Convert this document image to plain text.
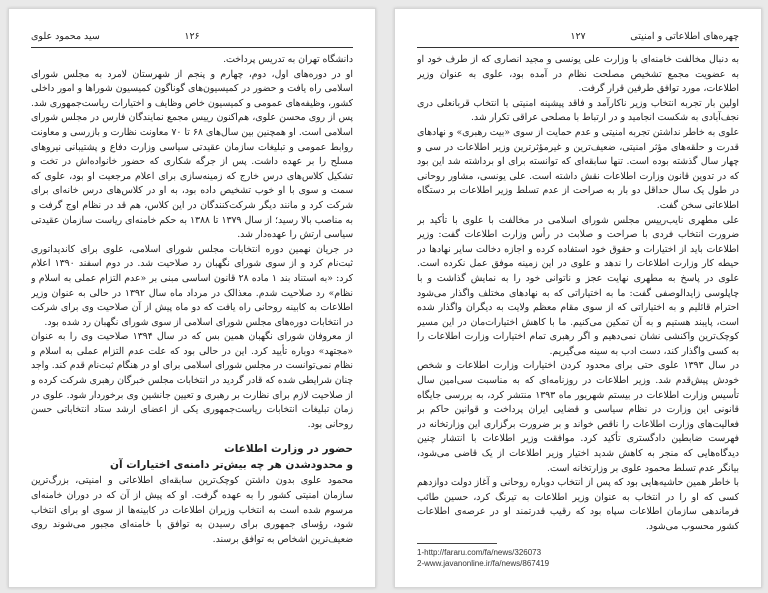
۱۲۶
سید محمود علوی

دانشگاه تهران به تدریس پرداخت.

او در دوره‌های اول، دوم، چهارم و پنجم از شهرستان لامرد به مجلس شورای اسلامی راه یافت و حضور در کمیسیون‌های گوناگون کمیسیون شوراها و امور داخلی کشور، وظیفه‌های عمومی و کمیسیون خاص وظایف و اختیارات ریاست‌جمهوری شد. پس از روی محسن علوی، هم‌اکنون رییس مجمع نمایندگان فارس در مجلس شورای اسلامی است. او همچنین بین سال‌های ۶۸ تا ۷۰ معاونت نظارت و بازرسی و معاونت روابط عمومی و تبلیغات سازمان عقیدتی سیاسی وزارت دفاع و پشتیبانی نیروهای مسلح را بر عهده داشت. پس از جرگه شکاری که حضور خانواده‌اش در تخت و تشکیل کلاس‌های درس خارج که زمینه‌سازی برای اعلام مرجعیت او بود، علوی که سمت و سوی با او خوب تشخیص داده بود، به او در کلاس‌های درس خانه‌ای برای شرکت کرد و مانند دیگر شرکت‌کنندگان در این کلاس، هم قد در نظام اوج گرفت و به مناصب بالا رسید؛ از سال ۱۳۷۹ تا ۱۳۸۸ به حکم خامنه‌ای ریاست سازمان عقیدتی سیاسی ارتش را عهده‌دار شد.

در جریان نهمین دوره انتخابات مجلس شورای اسلامی، علوی برای کاندیداتوری ثبت‌نام کرد و از سوی شورای نگهبان رد صلاحیت شد. در دوم اسفند ۱۳۹۰ اعلام کرد: «به استناد بند ۱ ماده ۲۸ قانون اساسی مبنی بر «عدم التزام عملی به اسلام و نظام» رد صلاحیت شدم. معذالک در مرداد ماه سال ۱۳۹۲ در حالی به عنوان وزیر اطلاعات به کابینه روحانی راه یافت که دو ماه پیش از آن صلاحیت وی برای شرکت در انتخابات دوره‌های مجلس شورای اسلامی از سوی شورای نگهبان رد شده بود.

از معروفان شورای نگهبان همین بس که در سال ۱۳۹۴ صلاحیت وی را به عنوان «مجتهد» دوباره تأیید کرد. این در حالی بود که علت عدم التزام عملی به اسلام و نظام نمی‌توانست در مجلس شورای اسلامی برای او در هنگام ثبت‌نام قدم کند. واجد چنان شرایطی شده که قادر گردید در انتخابات مجلس خبرگان رهبری شرکت کرده و از صلاحیت لازم برای نظارت بر رهبری و تعیین جانشین وی برخوردار شود. علوی در زمان تبلیغات انتخابات ریاست‌جمهوری یکی از اعضای ارشد ستاد انتخاباتی حسن روحانی بود.

حضور در وزارت اطلاعات
و محدودشدن هر چه بیش‌تر دامنه‌ی اختیارات آن

محمود علوی بدون داشتن کوچک‌ترین سابقه‌ای اطلاعاتی و امنیتی، بزرگ‌ترین سازمان امنیتی کشور را به عهده گرفت. او که پیش از آن که در دوران خامنه‌ای مرسوم شده است به انتخاب وزیران اطلاعات در کابینه‌ها از سوی او برای انتخاب شود، رؤسای جمهوری برای رسیدن به توافق با خامنه‌ای مجبور می‌شوند روی ضعیف‌ترین اشخاص به توافق برسند.

۱۲۷	چهره‌های اطلاعاتی و امنیتی

به دنبال مخالفت خامنه‌ای با وزارت علی یونسی و مجید انصاری که از طرف خود او به عضویت مجمع تشخیص مصلحت نظام در آمده بود، علوی به عنوان وزیر اطلاعات، مورد توافق طرفین قرار گرفت.

اولین بار تجربه انتخاب وزیر ناکارآمد و فاقد پیشینه امنیتی با انتخاب قربانعلی دری نجف‌آبادی به شکست انجامید و در ارتباط با مصلحی عراقی تکرار شد.

علوی به خاطر نداشتن تجربه امنیتی و عدم حمایت از سوی «بیت رهبری» و نهادهای قدرت و حلقه‌های مؤثر امنیتی، ضعیف‌ترین و غیرمؤثرترین وزیر اطلاعات در سی و چهار سال گذشته بوده است. تنها سابقه‌ای که توانسته برای او برداشته شد این بود که در تدوین قانون وزارت اطلاعات نقش داشته است. علی یونسی، مشاور روحانی در طول یک سال حداقل دو بار به صراحت از عدم تسلط وزیر اطلاعات بر دستگاه اطلاعاتی سخن گفت.

علی مطهری نایب‌رییس مجلس شورای اسلامی در مخالفت با علوی با تأکید بر ضرورت انتخاب فردی با صراحت و صلابت در رأس وزارت اطلاعات گفت: وزیر اطلاعات باید از اختیارات و حقوق خود استفاده کرده و اجازه دخالت سایر نهادها در حیطه کار وزارت اطلاعات را ندهد و علوی در این زمینه موفق عمل نکرده است. علوی در پاسخ به مطهری نهایت عجز و ناتوانی خود را به نمایش گذاشت و با چاپلوسی زایدالوصفی گفت: ما به اختیاراتی که به نهادهای مختلف واگذار می‌شود احترام قائلیم و به اختیاراتی که از سوی مقام معظم ولایت به دیگران واگذار شده است، پایبند هستیم و به آن تمکین می‌کنیم. ما با کاهش اختیارات‌مان در این مسیر کوچک‌ترین واکنشی نشان نمی‌دهیم و اگر رهبری تمام اختیارات وزارت اطلاعات را به کسی واگذار کند، دست ادب به سینه می‌گیریم.

در سال ۱۳۹۳ علوی حتی برای محدود کردن اختیارات وزارت اطلاعات و شخص خودش پیش‌قدم شد. وزیر اطلاعات در روزنامه‌ای که به مناسبت سی‌امین سال تأسیس وزارت اطلاعات در بیستم شهریور ماه ۱۳۹۳ منتشر کرد، به بررسی جایگاه قانونی این وزارت در نظام سیاسی و قضایی ایران پرداخت و قوانین حاکم بر فعالیت‌های وزارت اطلاعات را ناقص خواند و بر ضرورت برگزاری این وزارتخانه در فهرست ضابطین دادگستری تأکید کرد. موافقت وزیر اطلاعات با انتشار چنین دیدگاه‌هایی که منجر به کاهش شدید اختیار وزیر اطلاعات از یک قاضی می‌شود، بیانگر عدم تسلط محمود علوی بر وزارتخانه است.

با خاطر همین حاشیه‌هایی بود که پس از انتخاب دوباره روحانی و آغاز دولت دوازدهم کسی که او را در انتخاب به عنوان وزیر اطلاعات به تیرنگ کرد، حسین طائب فرماندهی سازمان اطلاعات سپاه بود که رقیب قدرتمند او در عرصه‌ی اطلاعات کشور محسوب می‌شود.

1-http://fararu.com/fa/news/326073
2-www.javanonline.ir/fa/news/867419
